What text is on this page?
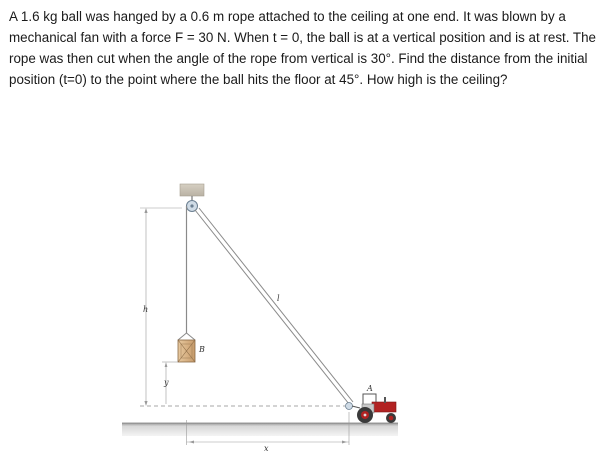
A 1.6 kg ball was hanged by a 0.6 m rope attached to the ceiling at one end. It was blown by a mechanical fan with a force F = 30 N. When t = 0, the ball is at a vertical position and is at rest. The rope was then cut when the angle of the rope from vertical is 30°. Find the distance from the initial position (t=0) to the point where the ball hits the floor at 45°. How high is the ceiling?

B
l
h
y
x
A
